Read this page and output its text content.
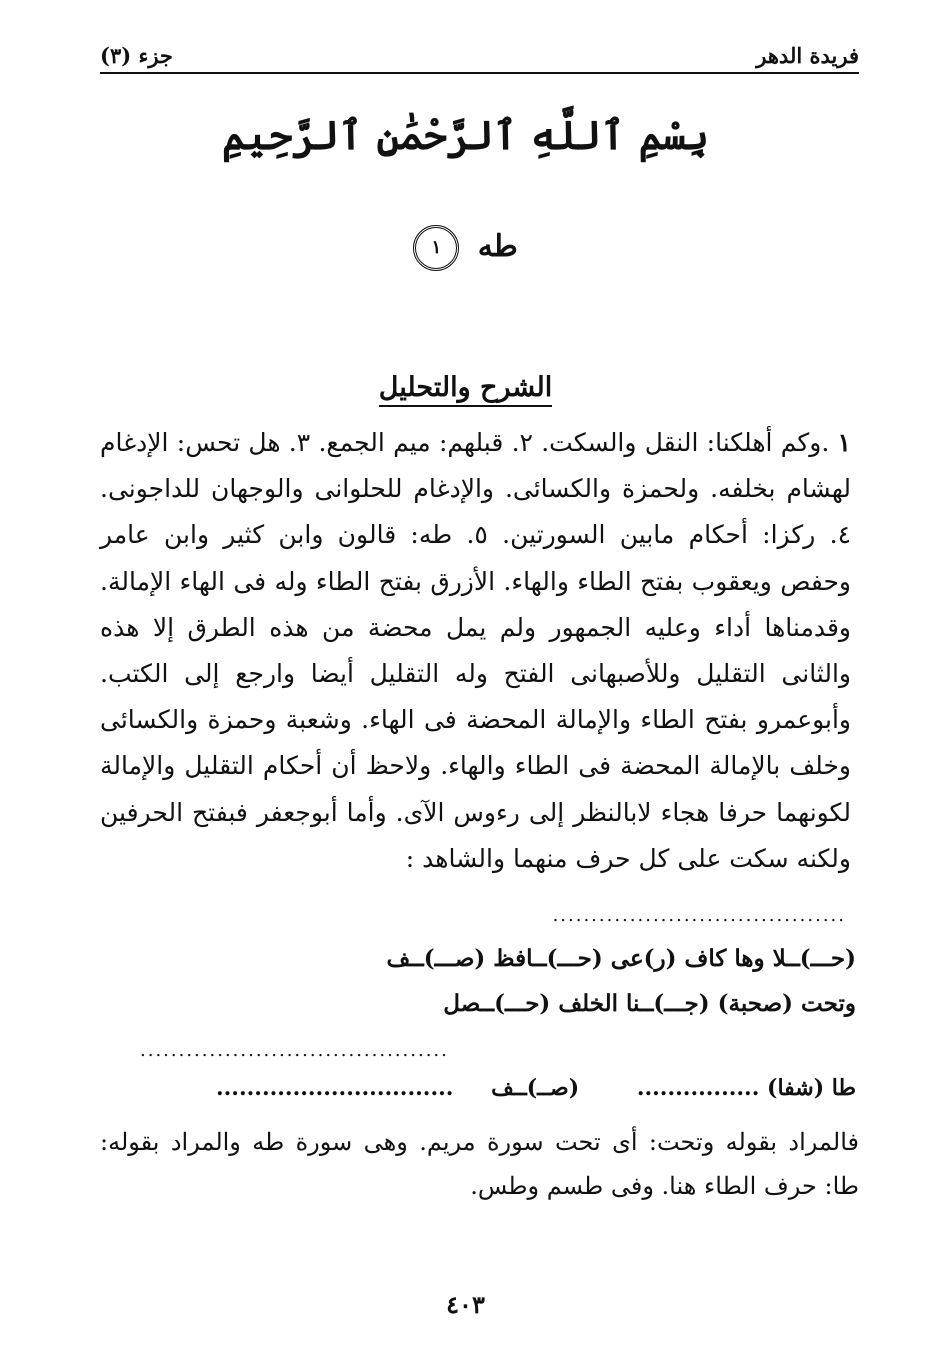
جزء (٣)	فريدة الدهر
بِسْمِ ٱللَّهِ ٱلرَّحْمَٰنِ ٱلرَّحِيمِ
طه ١
الشرح والتحليل
١ .وكم أهلكنا: النقل والسكت. ٢. قبلهم: ميم الجمع. ٣. هل تحس: الإدغام لهشام بخلفه. ولحمزة والكسائى. والإدغام للحلوانى والوجهان للداجونى. ٤. ركزا: أحكام مابين السورتين. ٥. طه: قالون وابن كثير وابن عامر وحفص ويعقوب بفتح الطاء والهاء. الأزرق بفتح الطاء وله فى الهاء الإمالة. وقدمناها أداء وعليه الجمهور ولم يمل محضة من هذه الطرق إلا هذه والثانى التقليل وللأصبهانى الفتح وله التقليل أيضا وارجع إلى الكتب. وأبوعمرو بفتح الطاء والإمالة المحضة فى الهاء. وشعبة وحمزة والكسائى وخلف بالإمالة المحضة فى الطاء والهاء. ولاحظ أن أحكام التقليل والإمالة لكونهما حرفا هجاء لابالنظر إلى رءوس الآى. وأما أبوجعفر فبفتح الحرفين ولكنه سكت على كل حرف منهما والشاهد :
......................................
(حـــ)ــلا وها كاف (ر)عى (حـــ)ــافظ (صـــ)ــف
وتحت (صحبة) (جـــ)ــنا الخلف (حـــ)ــصل
........................................
طا (شفا) ................ (صــ)ــف ...............................
فالمراد بقوله وتحت: أى تحت سورة مريم. وهى سورة طه والمراد بقوله: طا: حرف الطاء هنا. وفى طسم وطس.
٤٠٣
